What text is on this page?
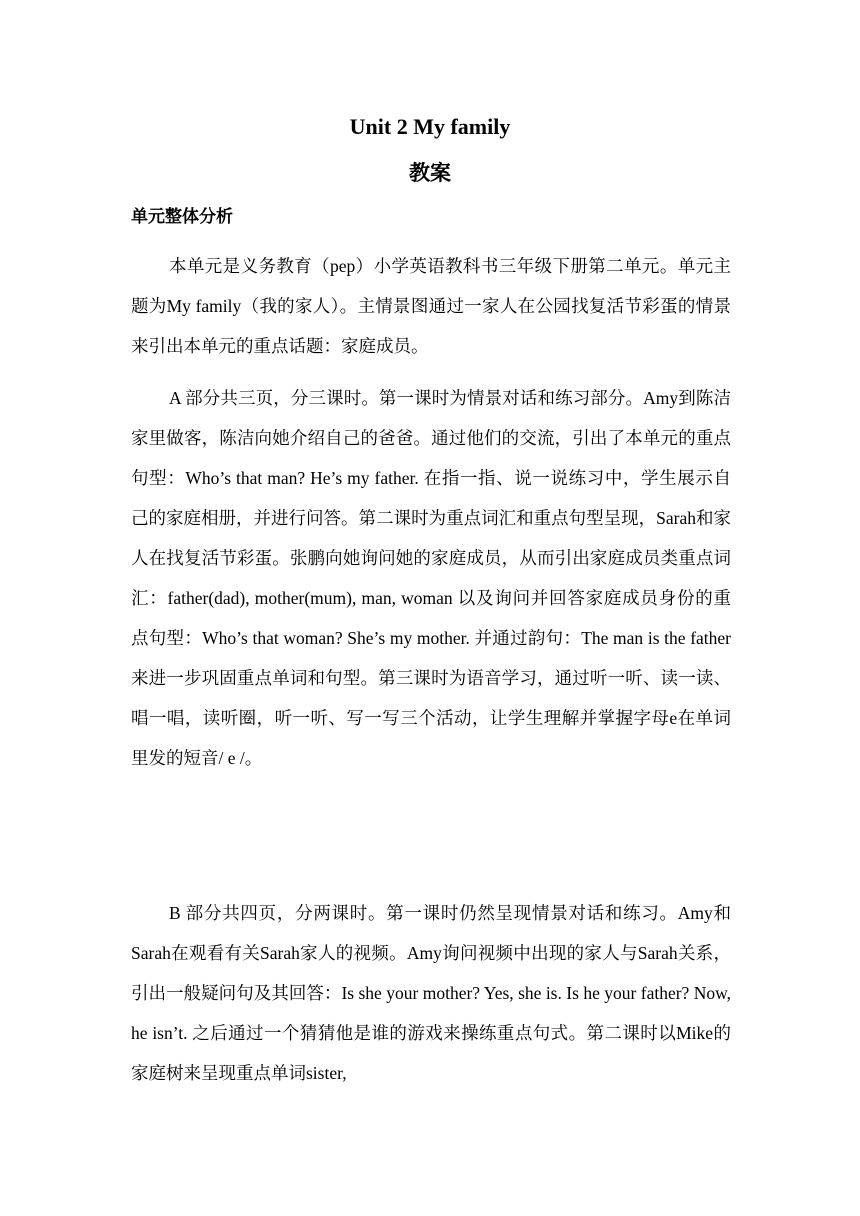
Unit 2 My family
教案
单元整体分析
本单元是义务教育（pep）小学英语教科书三年级下册第二单元。单元主题为My family（我的家人）。主情景图通过一家人在公园找复活节彩蛋的情景来引出本单元的重点话题：家庭成员。
A 部分共三页，分三课时。第一课时为情景对话和练习部分。Amy到陈洁家里做客，陈洁向她介绍自己的爸爸。通过他们的交流，引出了本单元的重点句型：Who’s that man? He’s my father. 在指一指、说一说练习中，学生展示自己的家庭相册，并进行问答。第二课时为重点词汇和重点句型呈现，Sarah和家人在找复活节彩蛋。张鹏向她询问她的家庭成员，从而引出家庭成员类重点词汇：father(dad), mother(mum), man, woman 以及询问并回答家庭成员身份的重点句型：Who’s that woman? She’s my mother. 并通过韵句：The man is the father来进一步巩固重点单词和句型。第三课时为语音学习，通过听一听、读一读、唱一唱，读听圈，听一听、写一写三个活动，让学生理解并掌握字母e在单词里发的短音/ e /。
B 部分共四页，分两课时。第一课时仍然呈现情景对话和练习。Amy和Sarah在观看有关Sarah家人的视频。Amy询问视频中出现的家人与Sarah关系，引出一般疑问句及其回答：Is she your mother? Yes, she is. Is he your father? Now, he isn’t. 之后通过一个猜猜他是谁的游戏来操练重点句式。第二课时以Mike的家庭树来呈现重点单词sister,
